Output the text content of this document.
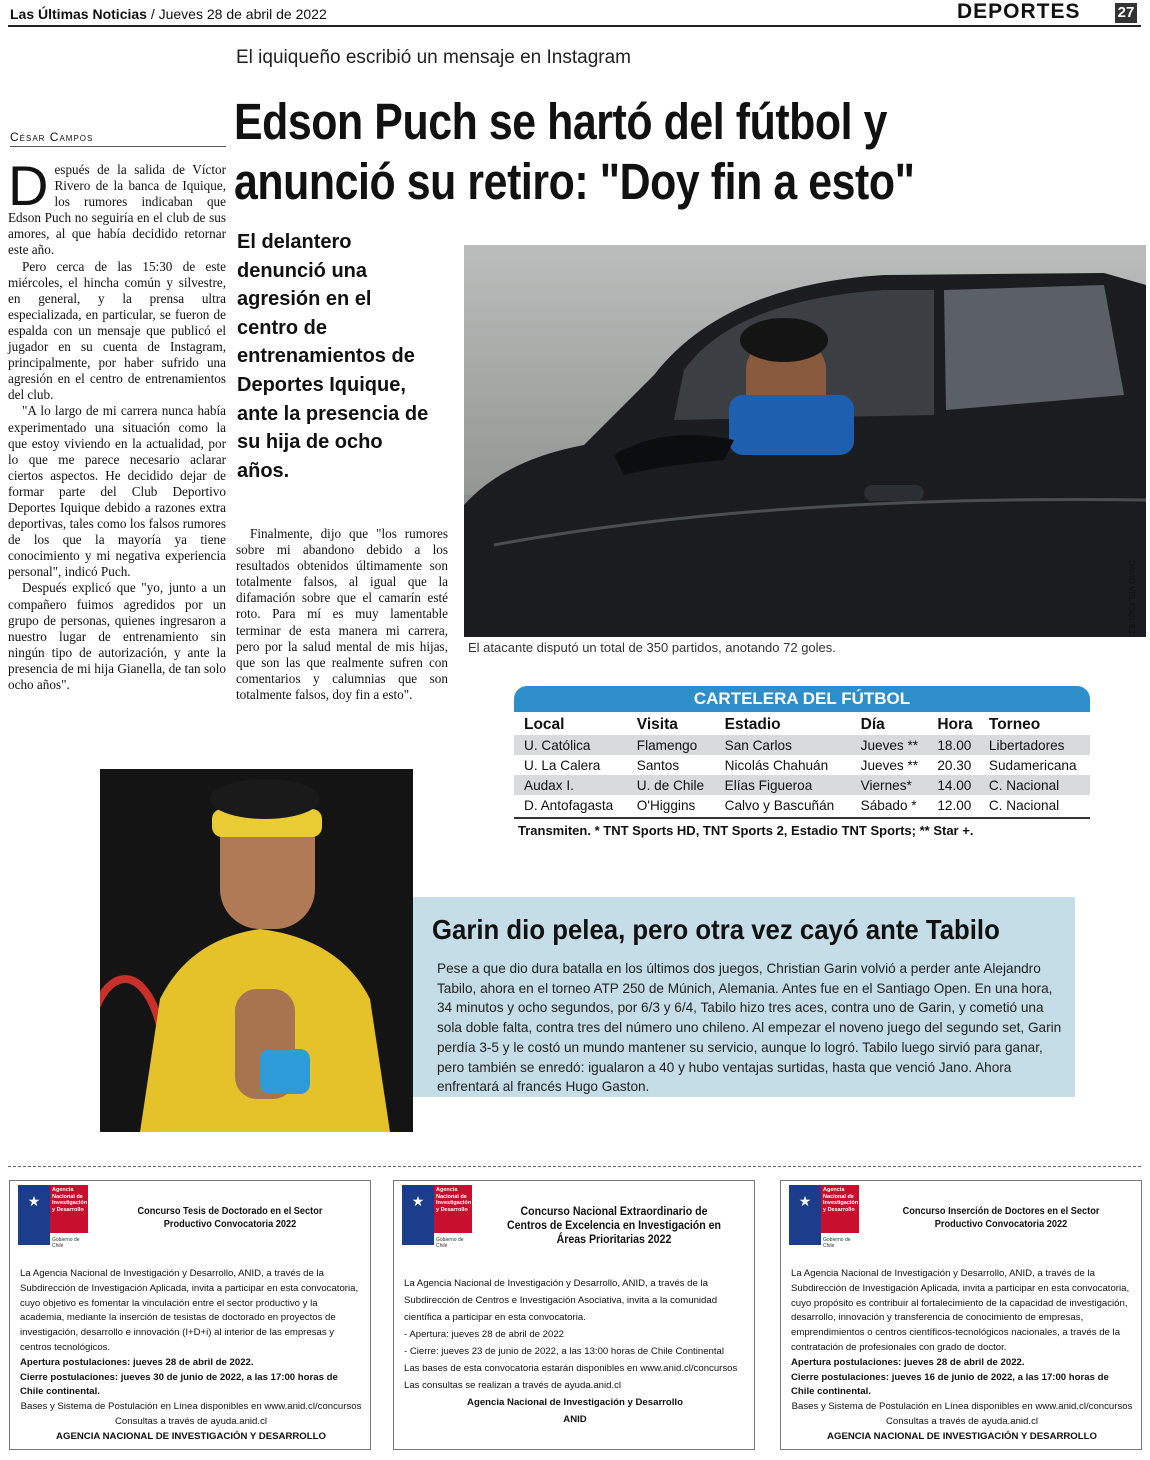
Las Últimas Noticias / Jueves 28 de abril de 2022	DEPORTES 27
El iquiqueño escribió un mensaje en Instagram
Edson Puch se hartó del fútbol y
anunció su retiro: "Doy fin a esto"
César Campos

Después de la salida de Víctor Rivero de la banca de Iquique, los rumores indicaban que Edson Puch no seguiría en el club de sus amores, al que había decidido retornar este año.

Pero cerca de las 15:30 de este miércoles, el hincha común y silvestre, en general, y la prensa ultra especializada, en particular, se fueron de espalda con un mensaje que publicó el jugador en su cuenta de Instagram, principalmente, por haber sufrido una agresión en el centro de entrenamientos del club.

"A lo largo de mi carrera nunca había experimentado una situación como la que estoy viviendo en la actualidad, por lo que me parece necesario aclarar ciertos aspectos. He decidido dejar de formar parte del Club Deportivo Deportes Iquique debido a razones extra deportivas, tales como los falsos rumores de los que la mayoría ya tiene conocimiento y mi negativa experiencia personal", indicó Puch.

Después explicó que "yo, junto a un compañero fuimos agredidos por un grupo de personas, quienes ingresaron a nuestro lugar de entrenamiento sin ningún tipo de autorización, y ante la presencia de mi hija Gianella, de tan solo ocho años".

El delantero denunció una agresión en el centro de entrenamientos de Deportes Iquique, ante la presencia de su hija de ocho años.

Finalmente, dijo que "los rumores sobre mi abandono debido a los resultados obtenidos últimamente son totalmente falsos, al igual que la difamación sobre que el camarín esté roto. Para mí es muy lamentable terminar de esta manera mi carrera, pero por la salud mental de mis hijas, que son las que realmente sufren con comentarios y calumnias que son totalmente falsos, doy fin a esto".

DAVID VELÁSQUEZ
El atacante disputó un total de 350 partidos, anotando 72 goles.
CARTELERA DEL FÚTBOL
Local	Visita	Estadio	Día	Hora	Torneo
U. Católica	Flamengo	San Carlos	Jueves **	18.00	Libertadores
U. La Calera	Santos	Nicolás Chahuán	Jueves **	20.30	Sudamericana
Audax I.	U. de Chile	Elías Figueroa	Viernes*	14.00	C. Nacional
D. Antofagasta	O'Higgins	Calvo y Bascuñán	Sábado *	12.00	C. Nacional
Transmiten. * TNT Sports HD, TNT Sports 2, Estadio TNT Sports; ** Star +.
Garin dio pelea, pero otra vez cayó ante Tabilo
Pese a que dio dura batalla en los últimos dos juegos, Christian Garin volvió a perder ante Alejandro Tabilo, ahora en el torneo ATP 250 de Múnich, Alemania. Antes fue en el Santiago Open. En una hora, 34 minutos y ocho segundos, por 6/3 y 6/4, Tabilo hizo tres aces, contra uno de Garin, y cometió una sola doble falta, contra tres del número uno chileno. Al empezar el noveno juego del segundo set, Garin perdía 3-5 y le costó un mundo mantener su servicio, aunque lo logró. Tabilo luego sirvió para ganar, pero también se enredó: igualaron a 40 y hubo ventajas surtidas, hasta que venció Jano. Ahora enfrentará al francés Hugo Gaston.
★
Agencia Nacional de Investigación y Desarrollo
Gobierno de Chile
Concurso Tesis de Doctorado en el Sector Productivo Convocatoria 2022

La Agencia Nacional de Investigación y Desarrollo, ANID, a través de la Subdirección de Investigación Aplicada, invita a participar en esta convocatoria, cuyo objetivo es fomentar la vinculación entre el sector productivo y la academia, mediante la inserción de tesistas de doctorado en proyectos de investigación, desarrollo e innovación (I+D+i) al interior de las empresas y centros tecnológicos.

Apertura postulaciones: jueves 28 de abril de 2022.

Cierre postulaciones: jueves 30 de junio de 2022, a las 17:00 horas de Chile continental.

Bases y Sistema de Postulación en Línea disponibles en www.anid.cl/concursos

Consultas a través de ayuda.anid.cl

AGENCIA NACIONAL DE INVESTIGACIÓN Y DESARROLLO

★
Agencia Nacional de Investigación y Desarrollo
Gobierno de Chile
Concurso Nacional Extraordinario de Centros de Excelencia en Investigación en Áreas Prioritarias 2022

La Agencia Nacional de Investigación y Desarrollo, ANID, a través de la Subdirección de Centros e Investigación Asociativa, invita a la comunidad científica a participar en esta convocatoria.

- Apertura: jueves 28 de abril de 2022

- Cierre: jueves 23 de junio de 2022, a las 13:00 horas de Chile Continental

Las bases de esta convocatoria estarán disponibles en www.anid.cl/concursos

Las consultas se realizan a través de ayuda.anid.cl

Agencia Nacional de Investigación y Desarrollo

ANID

★
Agencia Nacional de Investigación y Desarrollo
Gobierno de Chile
Concurso Inserción de Doctores en el Sector Productivo Convocatoria 2022

La Agencia Nacional de Investigación y Desarrollo, ANID, a través de la Subdirección de Investigación Aplicada, invita a participar en esta convocatoria, cuyo propósito es contribuir al fortalecimiento de la capacidad de investigación, desarrollo, innovación y transferencia de conocimiento de empresas, emprendimientos o centros científicos-tecnológicos nacionales, a través de la contratación de profesionales con grado de doctor.

Apertura postulaciones: jueves 28 de abril de 2022.

Cierre postulaciones: jueves 16 de junio de 2022, a las 17:00 horas de Chile continental.

Bases y Sistema de Postulación en Línea disponibles en www.anid.cl/concursos

Consultas a través de ayuda.anid.cl

AGENCIA NACIONAL DE INVESTIGACIÓN Y DESARROLLO
